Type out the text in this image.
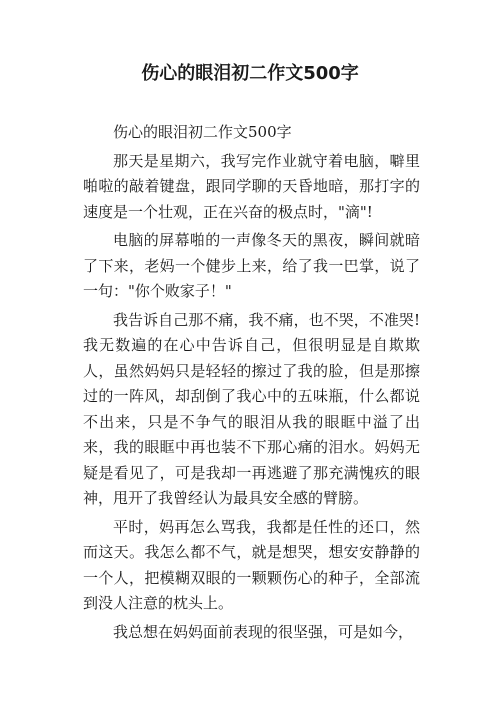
伤心的眼泪初二作文500字

伤心的眼泪初二作文500字

那天是星期六，我写完作业就守着电脑，噼里啪啦的敲着键盘，跟同学聊的天昏地暗，那打字的速度是一个壮观，正在兴奋的极点时，"滴"!

电脑的屏幕啪的一声像冬天的黑夜，瞬间就暗了下来，老妈一个健步上来，给了我一巴掌，说了一句："你个败家子！"

我告诉自己那不痛，我不痛，也不哭，不准哭!我无数遍的在心中告诉自己，但很明显是自欺欺人，虽然妈妈只是轻轻的擦过了我的脸，但是那擦过的一阵风，却刮倒了我心中的五味瓶，什么都说不出来，只是不争气的眼泪从我的眼眶中溢了出来，我的眼眶中再也装不下那心痛的泪水。妈妈无疑是看见了，可是我却一再逃避了那充满愧疚的眼神，甩开了我曾经认为最具安全感的臂膀。

平时，妈再怎么骂我，我都是任性的还口，然而这天。我怎么都不气，就是想哭，想安安静静的一个人，把模糊双眼的一颗颗伤心的种子，全部流到没人注意的枕头上。

我总想在妈妈面前表现的很坚强，可是如今，
